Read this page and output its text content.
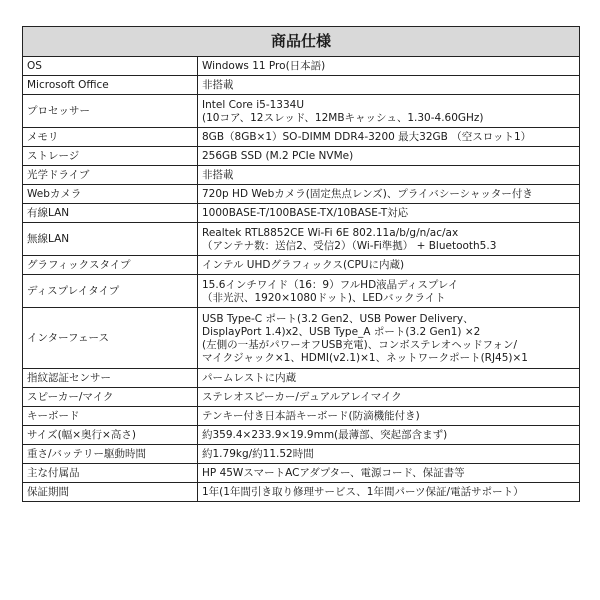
商品仕様	
OS	Windows 11 Pro(日本語)
Microsoft Office	非搭載
プロセッサー	Intel Core i5-1334U
(10コア、12スレッド、12MBキャッシュ、1.30-4.60GHz)
メモリ	8GB（8GB×1）SO-DIMM DDR4-3200 最大32GB （空スロット1）
ストレージ	256GB SSD (M.2 PCIe NVMe)
光学ドライブ	非搭載
Webカメラ	720p HD Webカメラ(固定焦点レンズ)、プライバシーシャッター付き
有線LAN	1000BASE-T/100BASE-TX/10BASE-T対応
無線LAN	Realtek RTL8852CE Wi-Fi 6E 802.11a/b/g/n/ac/ax
（アンテナ数：送信2、受信2）（Wi-Fi準拠） + Bluetooth5.3
グラフィックスタイプ	インテル UHDグラフィックス(CPUに内蔵)
ディスプレイタイプ	15.6インチワイド（16：9）フルHD液晶ディスプレイ
（非光沢、1920×1080ドット)、LEDバックライト
インターフェース	USB Type-C ポート(3.2 Gen2、USB Power Delivery、
DisplayPort 1.4)x2、USB Type_A ポート(3.2 Gen1) ×2
(左側の一基がパワーオフUSB充電)、コンボステレオヘッドフォン/
マイクジャック×1、HDMI(v2.1)×1、ネットワークポート(RJ45)×1
指紋認証センサー	パームレストに内蔵
スピーカー/マイク	ステレオスピーカー/デュアルアレイマイク
キーボード	テンキー付き日本語キーボード(防滴機能付き)
サイズ(幅×奥行×高さ)	約359.4×233.9×19.9mm(最薄部、突起部含まず)
重さ/バッテリー駆動時間	約1.79kg/約11.52時間
主な付属品	HP 45WスマートACアダプター、電源コード、保証書等
保証期間	1年(1年間引き取り修理サービス、1年間パーツ保証/電話サポート）
